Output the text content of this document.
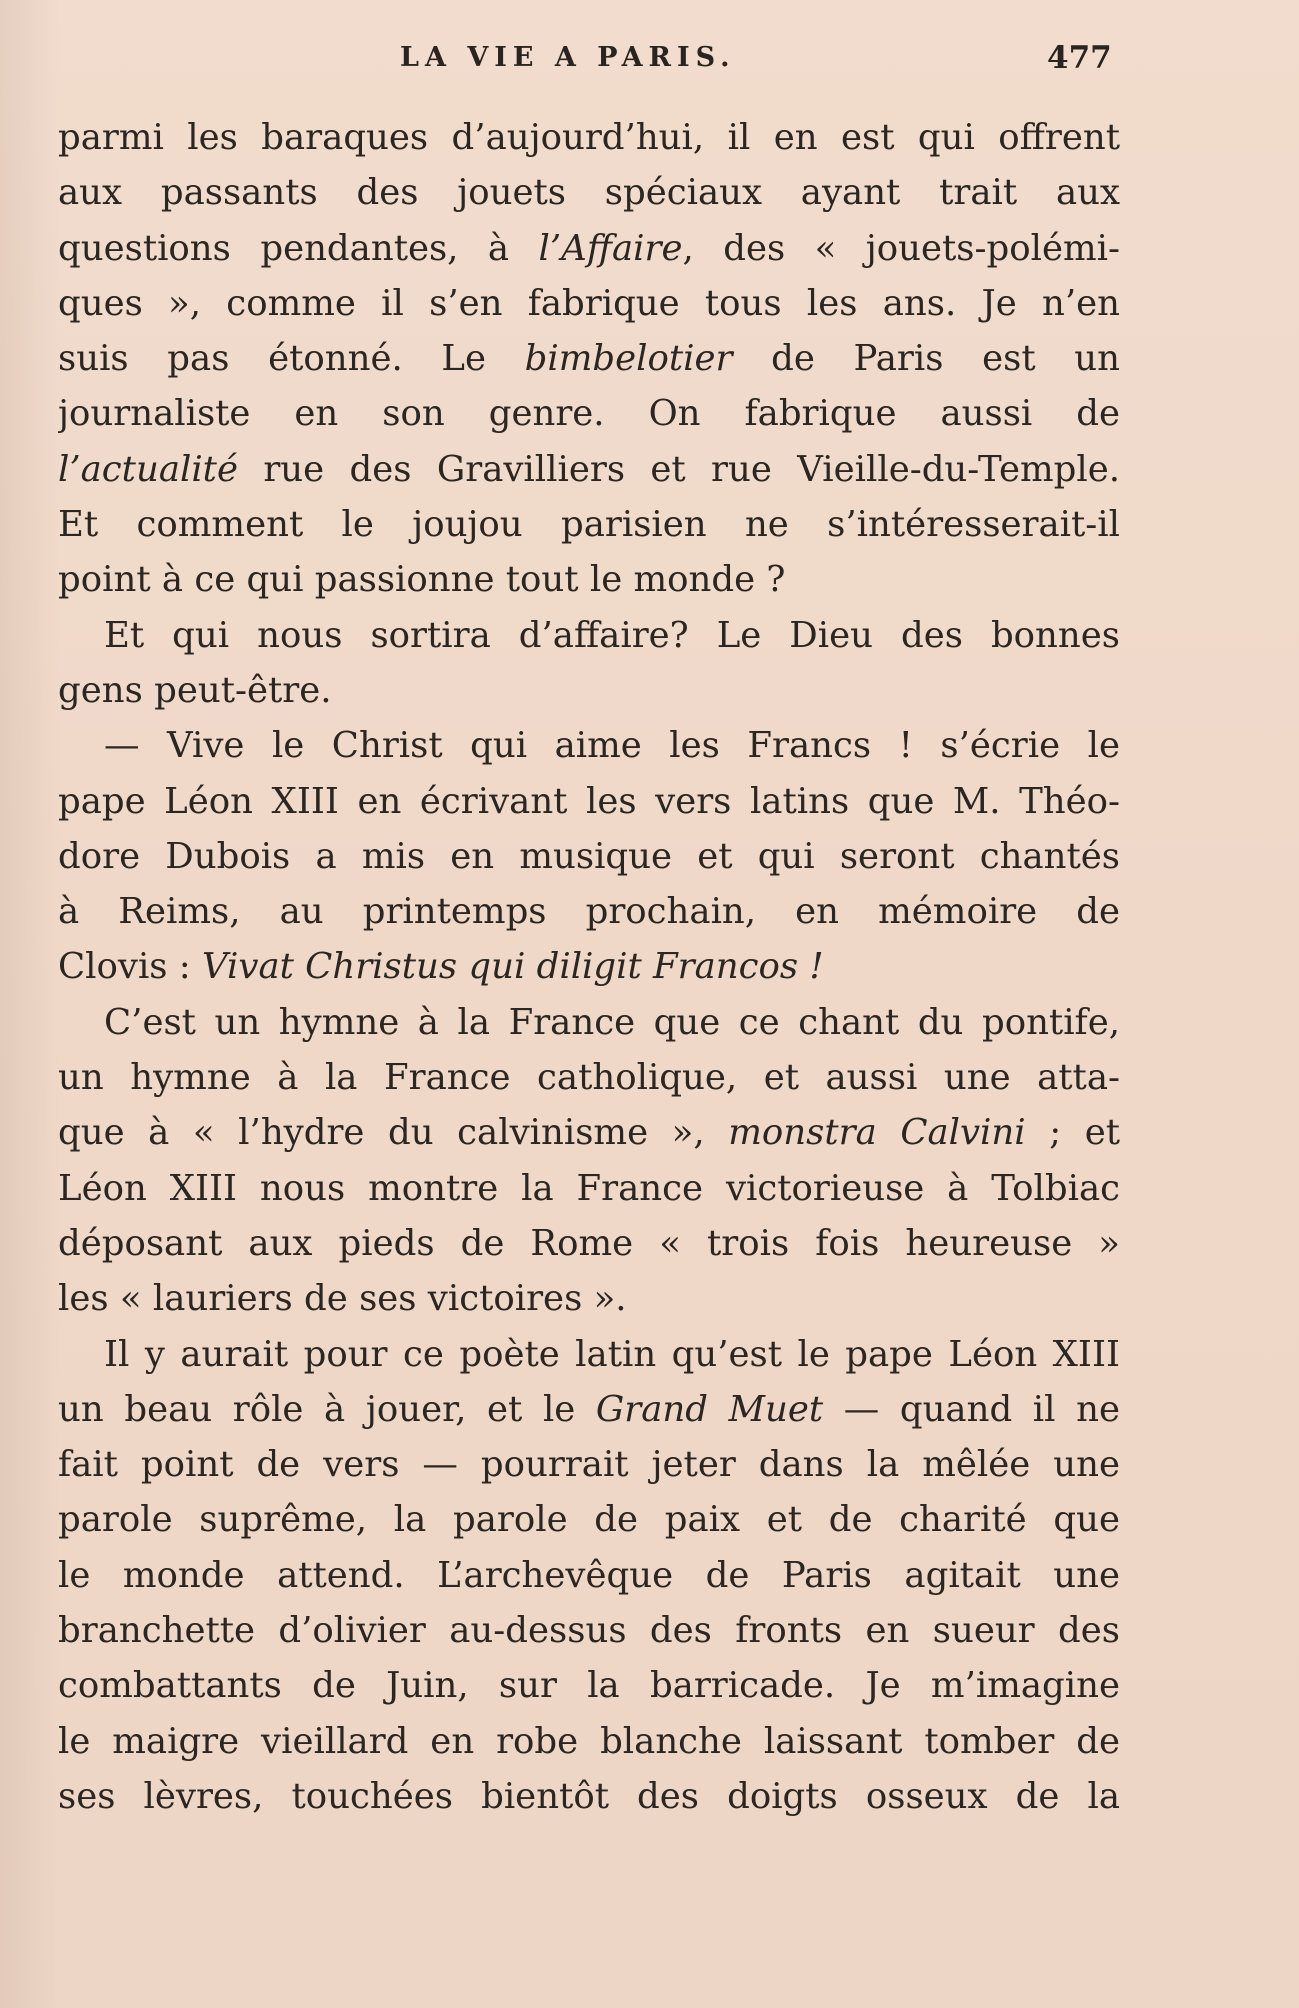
LA VIE A PARIS.	477
parmi les baraques d’aujourd’hui, il en est qui offrent
aux passants des jouets spéciaux ayant trait aux
questions pendantes, à l’Affaire, des « jouets-polémi-
ques », comme il s’en fabrique tous les ans. Je n’en
suis pas étonné. Le bimbelotier de Paris est un
journaliste en son genre. On fabrique aussi de
l’actualité rue des Gravilliers et rue Vieille-du-Temple.
Et comment le joujou parisien ne s’intéresserait-il
point à ce qui passionne tout le monde ?
Et qui nous sortira d’affaire? Le Dieu des bonnes
gens peut-être.
— Vive le Christ qui aime les Francs ! s’écrie le
pape Léon XIII en écrivant les vers latins que M. Théo-
dore Dubois a mis en musique et qui seront chantés
à Reims, au printemps prochain, en mémoire de
Clovis : Vivat Christus qui diligit Francos !
C’est un hymne à la France que ce chant du pontife,
un hymne à la France catholique, et aussi une atta-
que à « l’hydre du calvinisme », monstra Calvini ; et
Léon XIII nous montre la France victorieuse à Tolbiac
déposant aux pieds de Rome « trois fois heureuse »
les « lauriers de ses victoires ».
Il y aurait pour ce poète latin qu’est le pape Léon XIII
un beau rôle à jouer, et le Grand Muet — quand il ne
fait point de vers — pourrait jeter dans la mêlée une
parole suprême, la parole de paix et de charité que
le monde attend. L’archevêque de Paris agitait une
branchette d’olivier au-dessus des fronts en sueur des
combattants de Juin, sur la barricade. Je m’imagine
le maigre vieillard en robe blanche laissant tomber de
ses lèvres, touchées bientôt des doigts osseux de la
